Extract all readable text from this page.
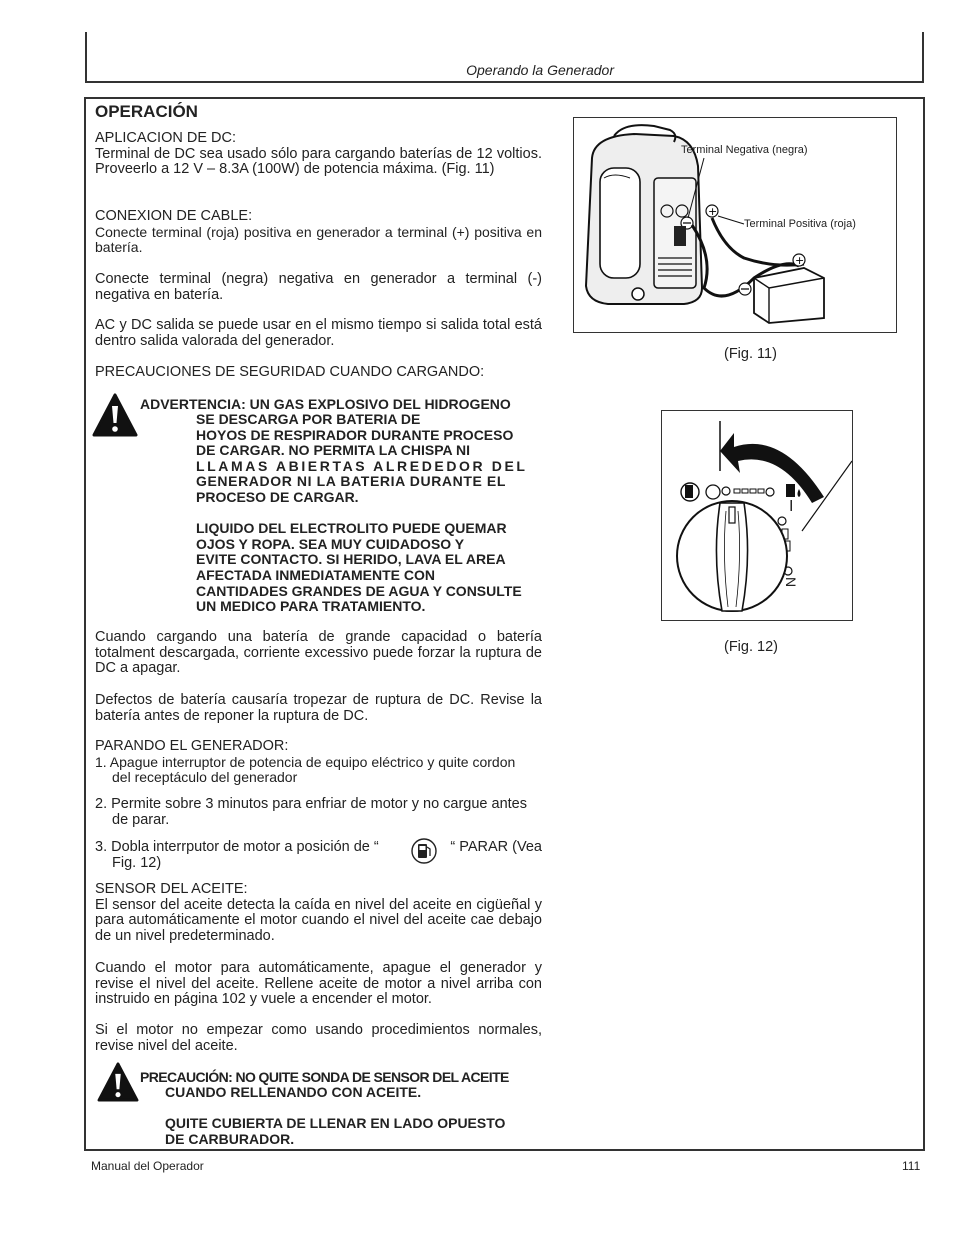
Operando la Generador
OPERACIÓN

APLICACION DE DC:

Terminal de DC sea usado sólo para cargando baterías de 12 voltios. Proveerlo a 12 V – 8.3A (100W) de potencia máxima. (Fig. 11)

CONEXION DE CABLE:

Conecte terminal (roja) positiva en generador a terminal (+) positiva en batería.

Conecte terminal (negra) negativa en generador a terminal (-) negativa en batería.
AC y DC salida se puede usar en el mismo tiempo si salida total está dentro salida valorada del generador.
PRECAUCIONES DE SEGURIDAD CUANDO CARGANDO:
ADVERTENCIA: UN GAS EXPLOSIVO DEL HIDROGENO

SE DESCARGA POR BATERIA DE

HOYOS DE RESPIRADOR DURANTE PROCESO

DE CARGAR. NO PERMITA LA CHISPA NI

LLAMAS ABIERTAS ALREDEDOR DEL

GENERADOR NI LA BATERIA DURANTE EL

PROCESO DE CARGAR.

LIQUIDO DEL ELECTROLITO PUEDE QUEMAR

OJOS Y ROPA. SEA MUY CUIDADOSO Y

EVITE CONTACTO. SI HERIDO, LAVA EL AREA

AFECTADA INMEDIATAMENTE CON

CANTIDADES GRANDES DE AGUA Y CONSULTE

UN MEDICO PARA TRATAMIENTO.

Cuando cargando una batería de grande capacidad o batería totalment descargada, corriente excessivo puede forzar la ruptura de DC a apagar.
Defectos de batería causaría tropezar de ruptura de DC. Revise la batería antes de reponer la ruptura de DC.
PARANDO EL GENERADOR:
1. Apague interruptor de potencia de equipo eléctrico y quite cordon
del receptáculo del generador
2. Permite sobre 3 minutos para enfriar de motor y no cargue antes
de parar.
3. Dobla interrputor de motor a posición de “	“ PARAR (Vea
Fig. 12)

SENSOR DEL ACEITE:

El sensor del aceite detecta la caída en nivel del aceite en cigüeñal y para automáticamente el motor cuando el nivel del aceite cae debajo de un nivel predeterminado.

Cuando el motor para automáticamente, apague el generador y revise el nivel del aceite. Rellene aceite de motor a nivel arriba con instruido en página 102 y vuele a encender el motor.
Si el motor no empezar como usando procedimientos normales, revise nivel del aceite.
PRECAUCIÓN: NO QUITE SONDA DE SENSOR DEL ACEITE

CUANDO RELLENANDO CON ACEITE.

QUITE CUBIERTA DE LLENAR EN LADO OPUESTO

DE CARBURADOR.

+
+
Terminal Negativa (negra)
Terminal Positiva (roja)
(Fig. 11)
I
N
(Fig. 12)
Manual del Operador	111
